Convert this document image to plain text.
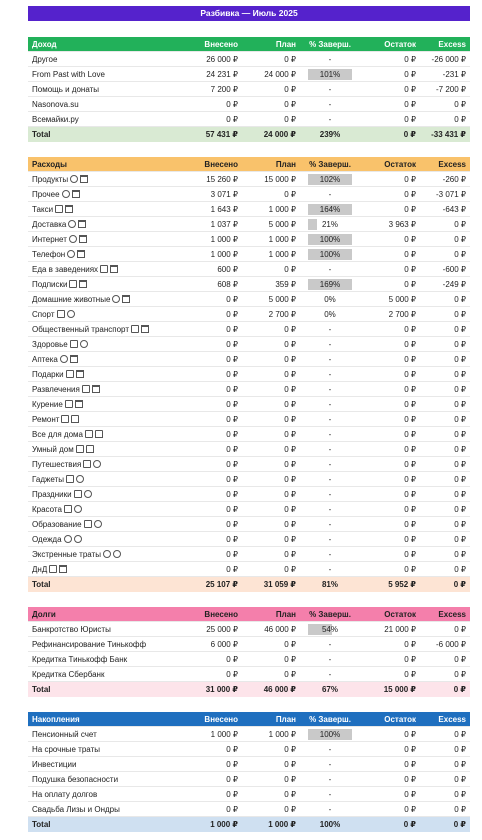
Разбивка — Июль 2025
Доход	Внесено	План	% Заверш.	Остаток	Excess
Другое	26 000 ₽	0 ₽	-	0 ₽	-26 000 ₽
From Past with Love	24 231 ₽	24 000 ₽	101%	0 ₽	-231 ₽
Помощь и донаты	7 200 ₽	0 ₽	-	0 ₽	-7 200 ₽
Nasonova.su	0 ₽	0 ₽	-	0 ₽	0 ₽
Всемайки.ру	0 ₽	0 ₽	-	0 ₽	0 ₽
Total	57 431 ₽	24 000 ₽	239%	0 ₽	-33 431 ₽
Расходы	Внесено	План	% Заверш.	Остаток	Excess
Продукты	15 260 ₽	15 000 ₽	102%	0 ₽	-260 ₽
Прочее	3 071 ₽	0 ₽	-	0 ₽	-3 071 ₽
Такси	1 643 ₽	1 000 ₽	164%	0 ₽	-643 ₽
Доставка	1 037 ₽	5 000 ₽	21%	3 963 ₽	0 ₽
Интернет	1 000 ₽	1 000 ₽	100%	0 ₽	0 ₽
Телефон	1 000 ₽	1 000 ₽	100%	0 ₽	0 ₽
Еда в заведениях	600 ₽	0 ₽	-	0 ₽	-600 ₽
Подписки	608 ₽	359 ₽	169%	0 ₽	-249 ₽
Домашние животные	0 ₽	5 000 ₽	0%	5 000 ₽	0 ₽
Спорт	0 ₽	2 700 ₽	0%	2 700 ₽	0 ₽
Общественный транспорт	0 ₽	0 ₽	-	0 ₽	0 ₽
Здоровье	0 ₽	0 ₽	-	0 ₽	0 ₽
Аптека	0 ₽	0 ₽	-	0 ₽	0 ₽
Подарки	0 ₽	0 ₽	-	0 ₽	0 ₽
Развлечения	0 ₽	0 ₽	-	0 ₽	0 ₽
Курение	0 ₽	0 ₽	-	0 ₽	0 ₽
Ремонт	0 ₽	0 ₽	-	0 ₽	0 ₽
Все для дома	0 ₽	0 ₽	-	0 ₽	0 ₽
Умный дом	0 ₽	0 ₽	-	0 ₽	0 ₽
Путешествия	0 ₽	0 ₽	-	0 ₽	0 ₽
Гаджеты	0 ₽	0 ₽	-	0 ₽	0 ₽
Праздники	0 ₽	0 ₽	-	0 ₽	0 ₽
Красота	0 ₽	0 ₽	-	0 ₽	0 ₽
Образование	0 ₽	0 ₽	-	0 ₽	0 ₽
Одежда	0 ₽	0 ₽	-	0 ₽	0 ₽
Экстренные траты	0 ₽	0 ₽	-	0 ₽	0 ₽
ДнД	0 ₽	0 ₽	-	0 ₽	0 ₽
Total	25 107 ₽	31 059 ₽	81%	5 952 ₽	0 ₽
Долги	Внесено	План	% Заверш.	Остаток	Excess
Банкротство Юристы	25 000 ₽	46 000 ₽	54%	21 000 ₽	0 ₽
Рефинансирование Тинькофф	6 000 ₽	0 ₽	-	0 ₽	-6 000 ₽
Кредитка Тинькофф Банк	0 ₽	0 ₽	-	0 ₽	0 ₽
Кредитка Сбербанк	0 ₽	0 ₽	-	0 ₽	0 ₽
Total	31 000 ₽	46 000 ₽	67%	15 000 ₽	0 ₽
Накопления	Внесено	План	% Заверш.	Остаток	Excess
Пенсионный счет	1 000 ₽	1 000 ₽	100%	0 ₽	0 ₽
На срочные траты	0 ₽	0 ₽	-	0 ₽	0 ₽
Инвестиции	0 ₽	0 ₽	-	0 ₽	0 ₽
Подушка безопасности	0 ₽	0 ₽	-	0 ₽	0 ₽
На оплату долгов	0 ₽	0 ₽	-	0 ₽	0 ₽
Свадьба Лизы и Ондры	0 ₽	0 ₽	-	0 ₽	0 ₽
Total	1 000 ₽	1 000 ₽	100%	0 ₽	0 ₽
